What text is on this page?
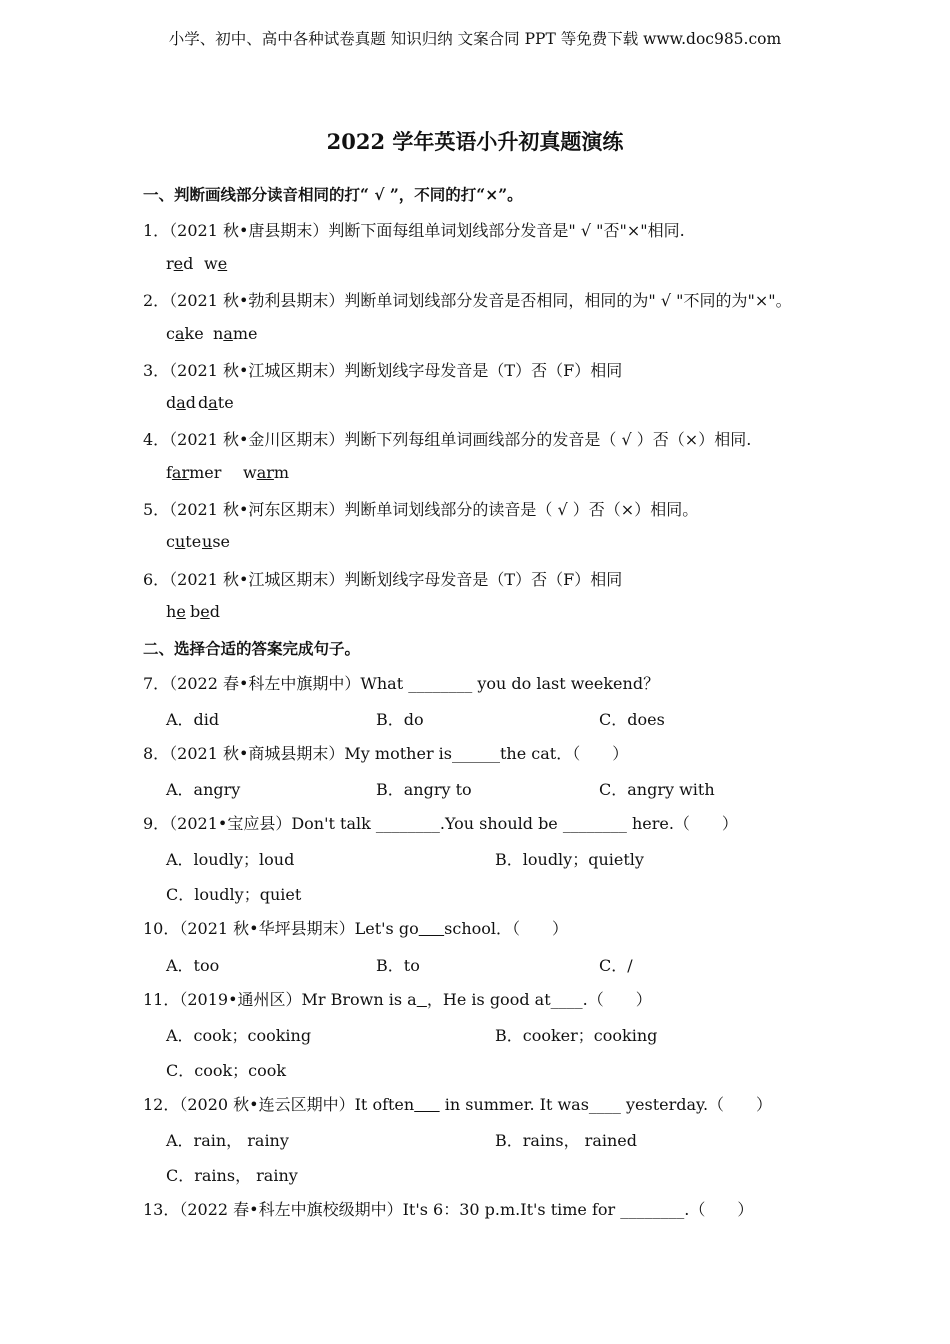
小学、初中、高中各种试卷真题 知识归纳 文案合同 PPT 等免费下载 www.doc985.com
2022 学年英语小升初真题演练
一、判断画线部分读音相同的打“ √ ”，不同的打“×”。
1．（2021 秋•唐县期末）判断下面每组单词划线部分发音是" √ "否"×"相同.
red we
2．（2021 秋•勃利县期末）判断单词划线部分发音是否相同，相同的为" √ "不同的为"×"。
cake name
3．（2021 秋•江城区期末）判断划线字母发音是（T）否（F）相同
dad date
4．（2021 秋•金川区期末）判断下列每组单词画线部分的发音是（ √ ）否（×）相同.
farmer warm
5．（2021 秋•河东区期末）判断单词划线部分的读音是（ √ ）否（×）相同。
cute use
6．（2021 秋•江城区期末）判断划线字母发音是（T）否（F）相同
he bed
二、选择合适的答案完成句子。
7．（2022 春•科左中旗期中）What ________ you do last weekend？
A．did	B．do	C．does
8．（2021 秋•商城县期末）My mother is______the cat．（　　）
A．angry	B．angry to	C．angry with
9．（2021•宝应县）Don't talk ________.You should be ________ here.（　　）
A．loudly；loud	B．loudly；quietly
C．loudly；quiet
10．（2021 秋•华坪县期末）Let's go school．（　　）
A．too	B．to	C．/
11．（2019•通州区）Mr Brown is a ，He is good at____.（　　）
A．cook；cooking	B．cooker；cooking
C．cook；cook
12．（2020 秋•连云区期中）It often      in summer. It was____ yesterday.（　　）
A．rain， rainy	B．rains， rained
C．rains， rainy
13．（2022 春•科左中旗校级期中）It's 6：30 p.m.It's time for ________.（　　）
